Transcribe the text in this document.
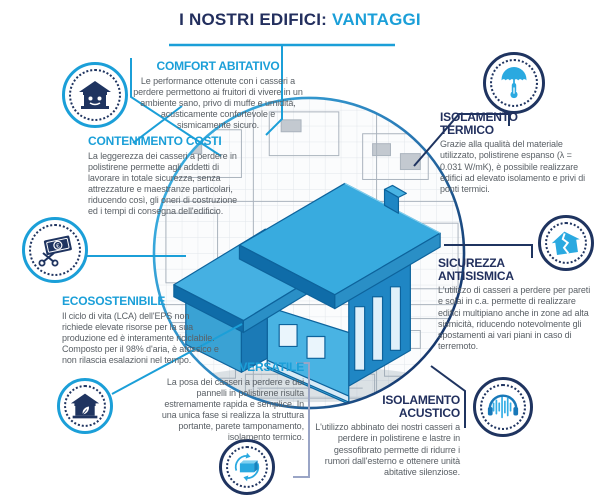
I NOSTRI EDIFICI: VANTAGGI
€
COMFORT ABITATIVO
Le performance ottenute con i casseri a perdere permettono ai fruitori di vivere in un ambiente sano, privo di muffe e umidità, acusticamente confortevole e sismicamente sicuro.
CONTENIMENTO COSTI
La leggerezza dei casseri a perdere in polistirene permette agli addetti di lavorare in totale sicurezza, senza attrezzature e maestranze particolari, riducendo così, gli oneri di costruzione ed i tempi di consegna dell'edificio.
ECOSOSTENIBILE
Il ciclo di vita (LCA) dell'EPS non richiede elevate risorse per la sua produzione ed è interamente riciclabile. Composto per il 98% d'aria, è atossico e non rilascia esalazioni nel tempo.	VERSATILE
La posa dei casseri a perdere e dei pannelli in polistirene risulta estremamente rapida e semplice. In una unica fase si realizza la struttura portante, parete tamponamento, isolamento termico.
ISOLAMENTO TERMICO
Grazie alla qualità del materiale utilizzato, polistirene espanso (λ = 0.031 W/mK), è possibile realizzare edifici ad elevato isolamento e privi di ponti termici.
SICUREZZA ANTISISMICA
L'utilizzo di casseri a perdere per pareti e solai in c.a. permette di realizzare edifici multipiano anche in zone ad alta sismicità, riducendo notevolmente gli spostamenti ai vari piani in caso di terremoto.
ISOLAMENTO ACUSTICO
L'utilizzo abbinato dei nostri casseri a perdere in polistirene e lastre in gessofibrato permette di ridurre i rumori dall'esterno e ottenere unità abitative silenziose.
